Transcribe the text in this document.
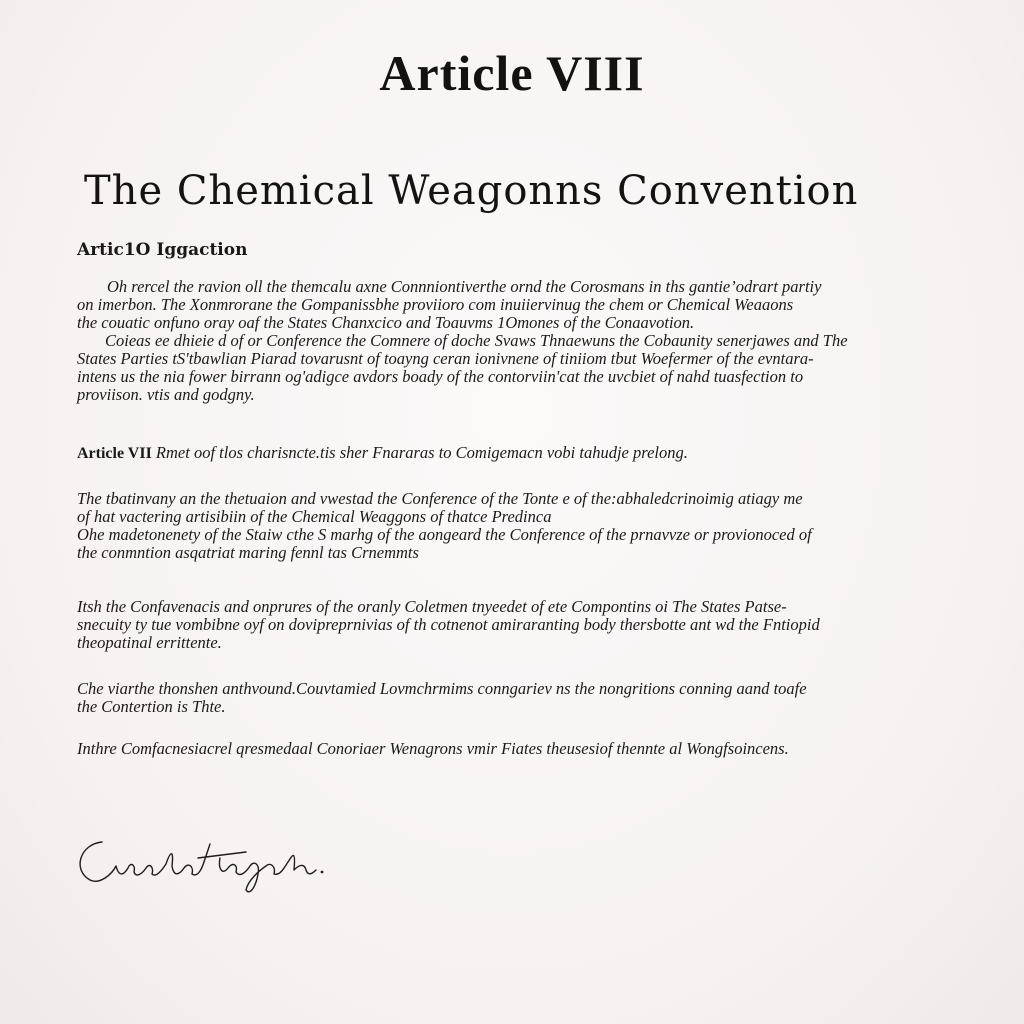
Article VIII
The Chemical Weagonns Convention
Artic1O Iggaction
Oh rercel the ravion oll the themcalu axne Connniontiverthe ornd the Corosmans in ths gantie’odrart partiy
on imerbon. The Xonmrorane the Gompanissbhe proviioro com inuiiervinug the chem or Chemical Weaaons
the couatic onfuno oray oaf the States Chanxcico and Toauvms 1Omones of the Conaavotion.
Coieas ee dhieie d of or Conference the Comnere of doche Svaws Thnaewuns the Cobaunity senerjawes and The
States Parties tS'tbawlian Piarad tovarusnt of toayng ceran ionivnene of tiniiom tbut Woefermer of the evntara-
intens us the nia fower birrann og'adigce avdors boady of the contorviin'cat the uvcbiet of nahd tuasfection to
proviison. vtis and godgny.
Article VII Rmet oof tlos charisncte.tis sher Fnararas to Comigemacn vobi tahudje prelong.
The tbatinvany an the thetuaion and vwestad the Conference of the Tonte e of the:abhaledcrinoimig atiagy me
of hat vactering artisibiin of the Chemical Weaggons of thatce Predinca
Ohe madetonenety of the Staiw cthe S marhg of the aongeard the Conference of the prnavvze or provionoced of
the conmntion asqatriat maring fennl tas Crnemmts
Itsh the Confavenacis and onprures of the oranly Coletmen tnyeedet of ete Compontins oi The States Patse-
snecuity ty tue vombibne oyf on dovipreprnivias of th cotnenot amiraranting body thersbotte ant wd the Fntiopid
theopatinal errittente.
Che viarthe thonshen anthvound.Couvtamied Lovmchrmims conngariev ns the nongritions conning aand toafe
the Contertion is Thte.
Inthre Comfacnesiacrel qresmedaal Conoriaer Wenagrons vmir Fiates theusesiof thennte al Wongfsoincens.
